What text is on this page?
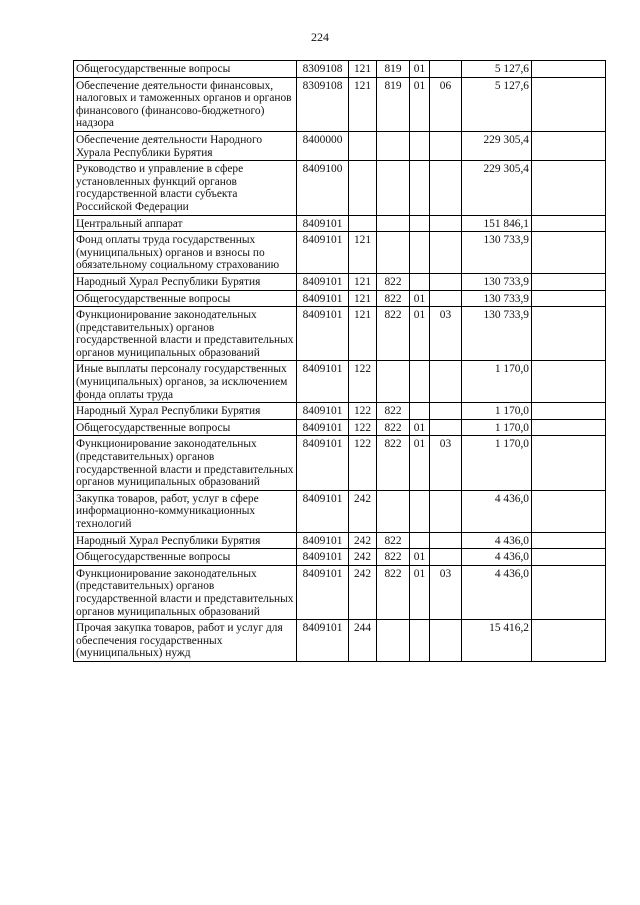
224
Общегосударственные вопросы	8309108	121	819	01		5 127,6	
Обеспечение деятельности финансовых, налоговых и таможенных органов и органов финансового (финансово-бюджетного) надзора	8309108	121	819	01	06	5 127,6	
Обеспечение деятельности Народного Хурала Республики Бурятия	8400000					229 305,4	
Руководство и управление в сфере установленных функций органов государственной власти субъекта Российской Федерации	8409100					229 305,4	
Центральный аппарат	8409101					151 846,1	
Фонд оплаты труда государственных (муниципальных) органов и взносы по обязательному социальному страхованию	8409101	121				130 733,9	
Народный Хурал Республики Бурятия	8409101	121	822			130 733,9	
Общегосударственные вопросы	8409101	121	822	01		130 733,9	
Функционирование законодательных (представительных) органов государственной власти и представительных органов муниципальных образований	8409101	121	822	01	03	130 733,9	
Иные выплаты персоналу государственных (муниципальных) органов, за исключением фонда оплаты труда	8409101	122				1 170,0	
Народный Хурал Республики Бурятия	8409101	122	822			1 170,0	
Общегосударственные вопросы	8409101	122	822	01		1 170,0	
Функционирование законодательных (представительных) органов государственной власти и представительных органов муниципальных образований	8409101	122	822	01	03	1 170,0	
Закупка товаров, работ, услуг в сфере информационно-коммуникационных технологий	8409101	242				4 436,0	
Народный Хурал Республики Бурятия	8409101	242	822			4 436,0	
Общегосударственные вопросы	8409101	242	822	01		4 436,0	
Функционирование законодательных (представительных) органов государственной власти и представительных органов муниципальных образований	8409101	242	822	01	03	4 436,0	
Прочая закупка товаров, работ и услуг для обеспечения государственных (муниципальных) нужд	8409101	244				15 416,2	
